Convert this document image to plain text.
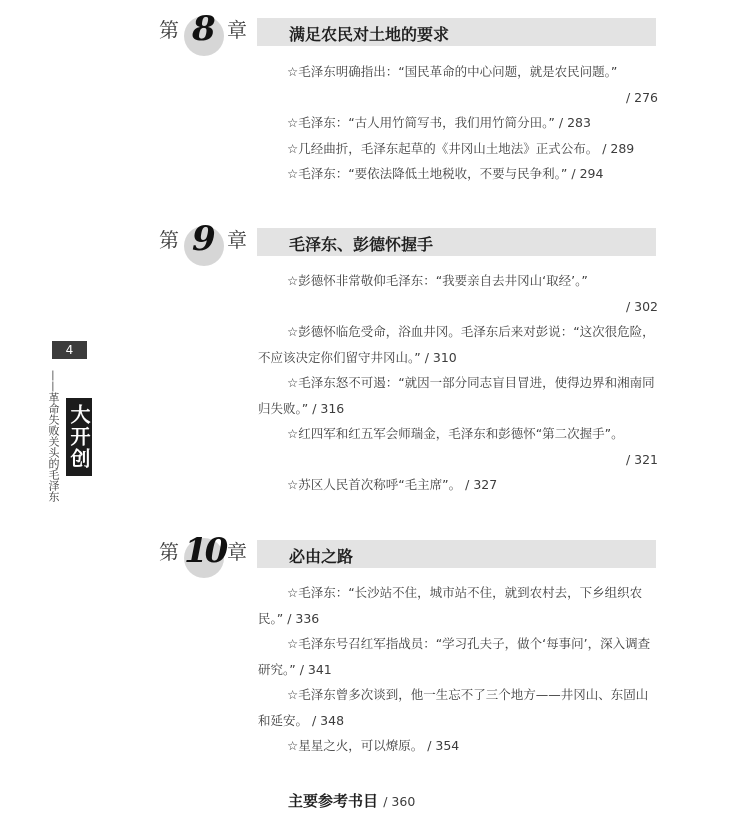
第 8 章	满足农民对土地的要求

☆毛泽东明确指出：“国民革命的中心问题，就是农民问题。”
/ 276

☆毛泽东：“古人用竹简写书，我们用竹简分田。” / 283

☆几经曲折，毛泽东起草的《井冈山土地法》正式公布。 / 289

☆毛泽东：“要依法降低土地税收，不要与民争利。” / 294

第 9 章	毛泽东、彭德怀握手

☆彭德怀非常敬仰毛泽东：“我要亲自去井冈山‘取经’。”
/ 302

☆彭德怀临危受命，浴血井冈。毛泽东后来对彭说：“这次很危险，不应该决定你们留守井冈山。” / 310

☆毛泽东怒不可遏：“就因一部分同志盲目冒进，使得边界和湘南同归失败。” / 316

☆红四军和红五军会师瑞金，毛泽东和彭德怀“第二次握手”。
/ 321

☆苏区人民首次称呼“毛主席”。 / 327

第 10 章	必由之路

☆毛泽东：“长沙站不住，城市站不住，就到农村去，下乡组织农民。” / 336

☆毛泽东号召红军指战员：“学习孔夫子，做个‘每事问’，深入调查研究。” / 341

☆毛泽东曾多次谈到，他一生忘不了三个地方——井冈山、东固山和延安。 / 348

☆星星之火，可以燎原。 / 354

主要参考书目 / 360
4
——革命失败关头的毛泽东 大开创
